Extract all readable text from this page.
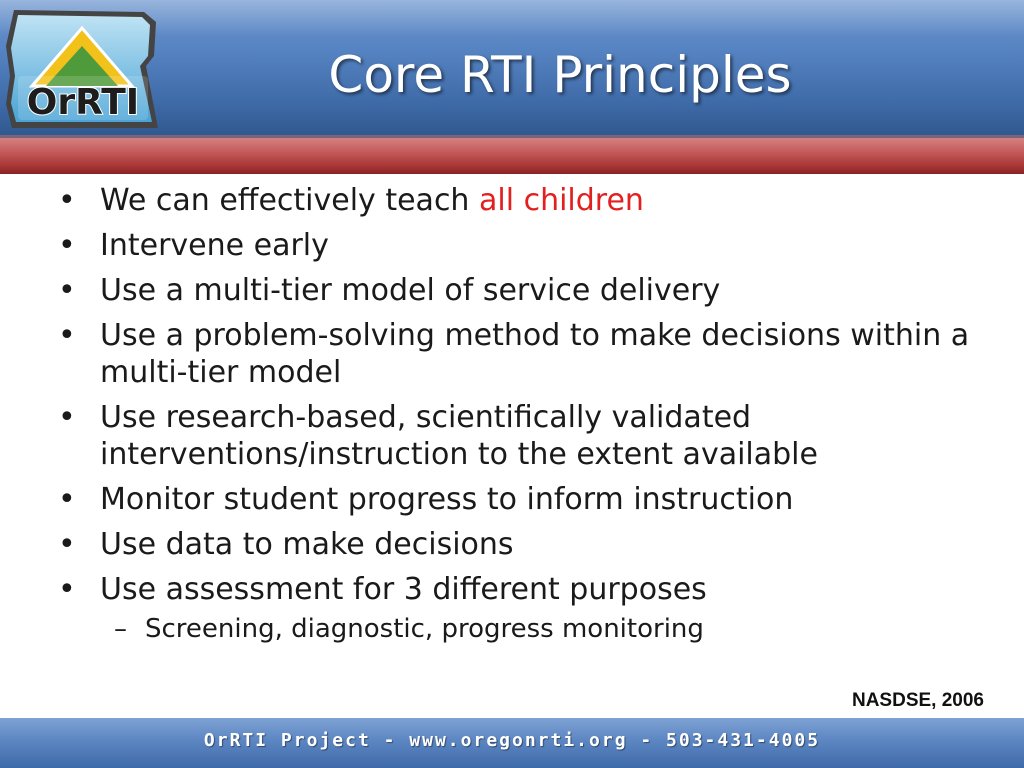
OrRTI	Core RTI Principles
• We can effectively teach all children
• Intervene early
• Use a multi-tier model of service delivery
• Use a problem-solving method to make decisions within a multi-tier model
• Use research-based, scientifically validated interventions/instruction to the extent available
• Monitor student progress to inform instruction
• Use data to make decisions
• Use assessment for 3 different purposes
– Screening, diagnostic, progress monitoring
NASDSE, 2006
OrRTI Project - www.oregonrti.org - 503-431-4005
